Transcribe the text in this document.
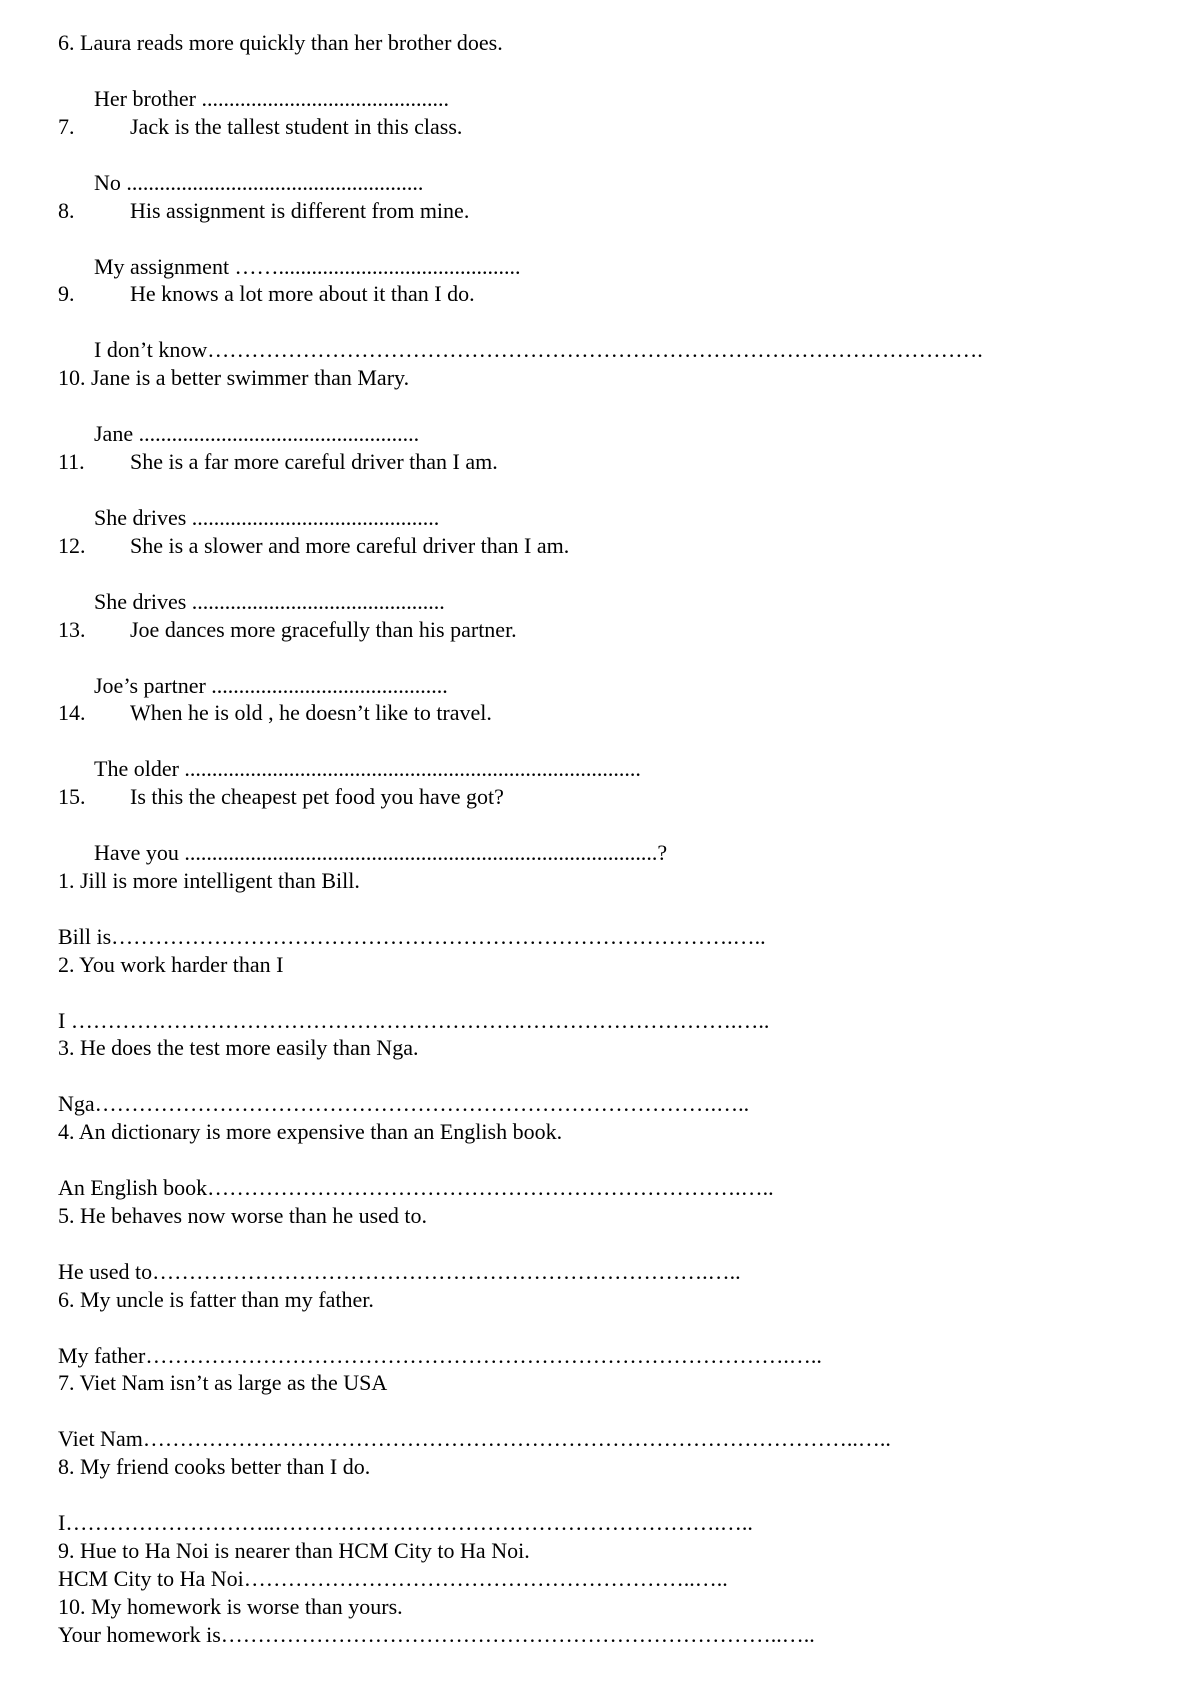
6. Laura reads more quickly than her brother does.
Her brother .............................................
7.	Jack is the tallest student in this class.
No ......................................................
8.	His assignment is different from mine.
My assignment ……............................................
9.	He knows a lot more about it than I do.
I don’t know…………………………………………………………………………………………….
10. Jane is a better swimmer than Mary.
Jane ...................................................
11. She is a far more careful driver than I am.
She drives .............................................
12. She is a slower and more careful driver than I am.
She drives ..............................................
13. Joe dances more gracefully than his partner.
Joe’s partner ...........................................
14. When he is old , he doesn’t like to travel.
The older ...................................................................................
15. Is this the cheapest pet food you have got?
Have you ......................................................................................?
1. Jill is more intelligent than Bill.
Bill is………………………………………………………………………….…..
2. You work harder than I
I ……………………………………………………………………………….…..
3. He does the test more easily than Nga.
Nga………………………………………………………………………….…..
4. An dictionary is more expensive than an English book.
An English book……………………………………………………………….…..
5. He behaves now worse than he used to.
He used to………………………………………………………………….…..
6. My uncle is fatter than my father.
My father…………………………………………………………………………….…..
7. Viet Nam isn’t as large as the USA
Viet Nam……………………………………………………………………………………..…..
8. My friend cooks better than I do.
I………………………..…………………………………………………….…..
9. Hue to Ha Noi is nearer than HCM City to Ha Noi.
HCM City to Ha Noi……………………………………………………..…..
10. My homework is worse than yours.
Your homework is…………………………………………………………………..…..
